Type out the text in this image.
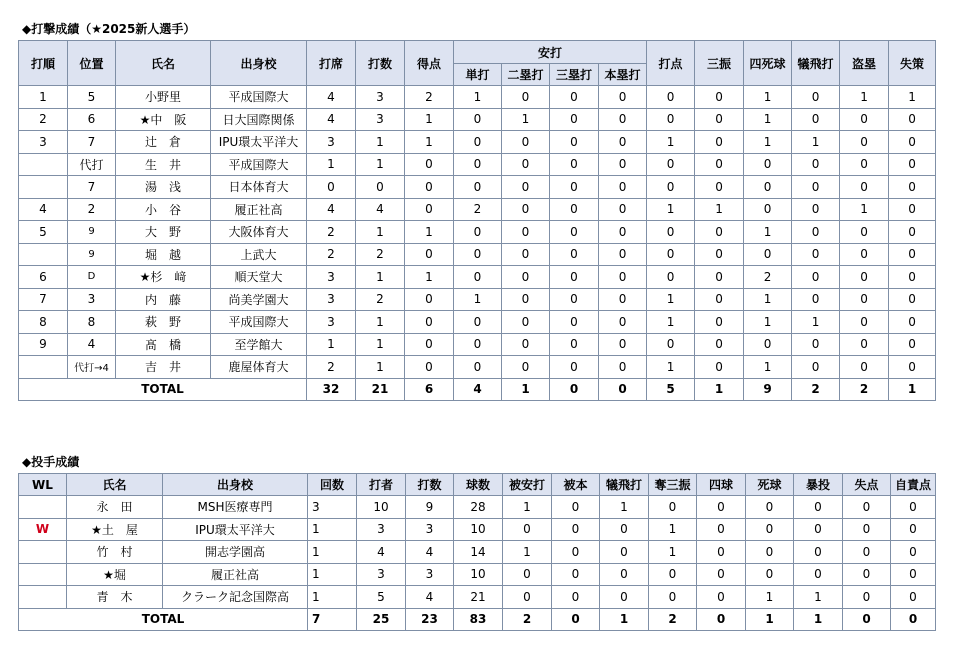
◆打撃成績（★2025新人選手）
打順	位置	氏名	出身校	打席	打数	得点	安打				打点	三振	四死球	犠飛打	盗塁	失策
							単打	二塁打	三塁打	本塁打						
1	5	小野里	平成国際大	4	3	2	1	0	0	0	0	0	1	0	1	1
2	6	★中　阪	日大国際関係	4	3	1	0	1	0	0	0	0	1	0	0	0
3	7	辻　倉	IPU環太平洋大	3	1	1	0	0	0	0	1	0	1	1	0	0
	代打	生　井	平成国際大	1	1	0	0	0	0	0	0	0	0	0	0	0
	7	湯　浅	日本体育大	0	0	0	0	0	0	0	0	0	0	0	0	0
4	2	小　谷	履正社高	4	4	0	2	0	0	0	1	1	0	0	1	0
5	9	大　野	大阪体育大	2	1	1	0	0	0	0	0	0	1	0	0	0
	9	堀　越	上武大	2	2	0	0	0	0	0	0	0	0	0	0	0
6	D	★杉　﨑	順天堂大	3	1	1	0	0	0	0	0	0	2	0	0	0
7	3	内　藤	尚美学園大	3	2	0	1	0	0	0	1	0	1	0	0	0
8	8	萩　野	平成国際大	3	1	0	0	0	0	0	1	0	1	1	0	0
9	4	髙　橋	至学館大	1	1	0	0	0	0	0	0	0	0	0	0	0
	代打→4	吉　井	鹿屋体育大	2	1	0	0	0	0	0	1	0	1	0	0	0
TOTAL				32	21	6	4	1	0	0	5	1	9	2	2	1
◆投手成績
WL	氏名	出身校	回数	打者	打数	球数	被安打	被本	犠飛打	奪三振	四球	死球	暴投	失点	自責点
	永　田	MSH医療専門	3	10	9	28	1	0	1	0	0	0	0	0	0
W	★土　屋	IPU環太平洋大	1	3	3	10	0	0	0	1	0	0	0	0	0
	竹　村	開志学園高	1	4	4	14	1	0	0	1	0	0	0	0	0
	★堀	履正社高	1	3	3	10	0	0	0	0	0	0	0	0	0
	青　木	クラーク記念国際高	1	5	4	21	0	0	0	0	0	1	1	0	0
TOTAL			7	25	23	83	2	0	1	2	0	1	1	0	0
